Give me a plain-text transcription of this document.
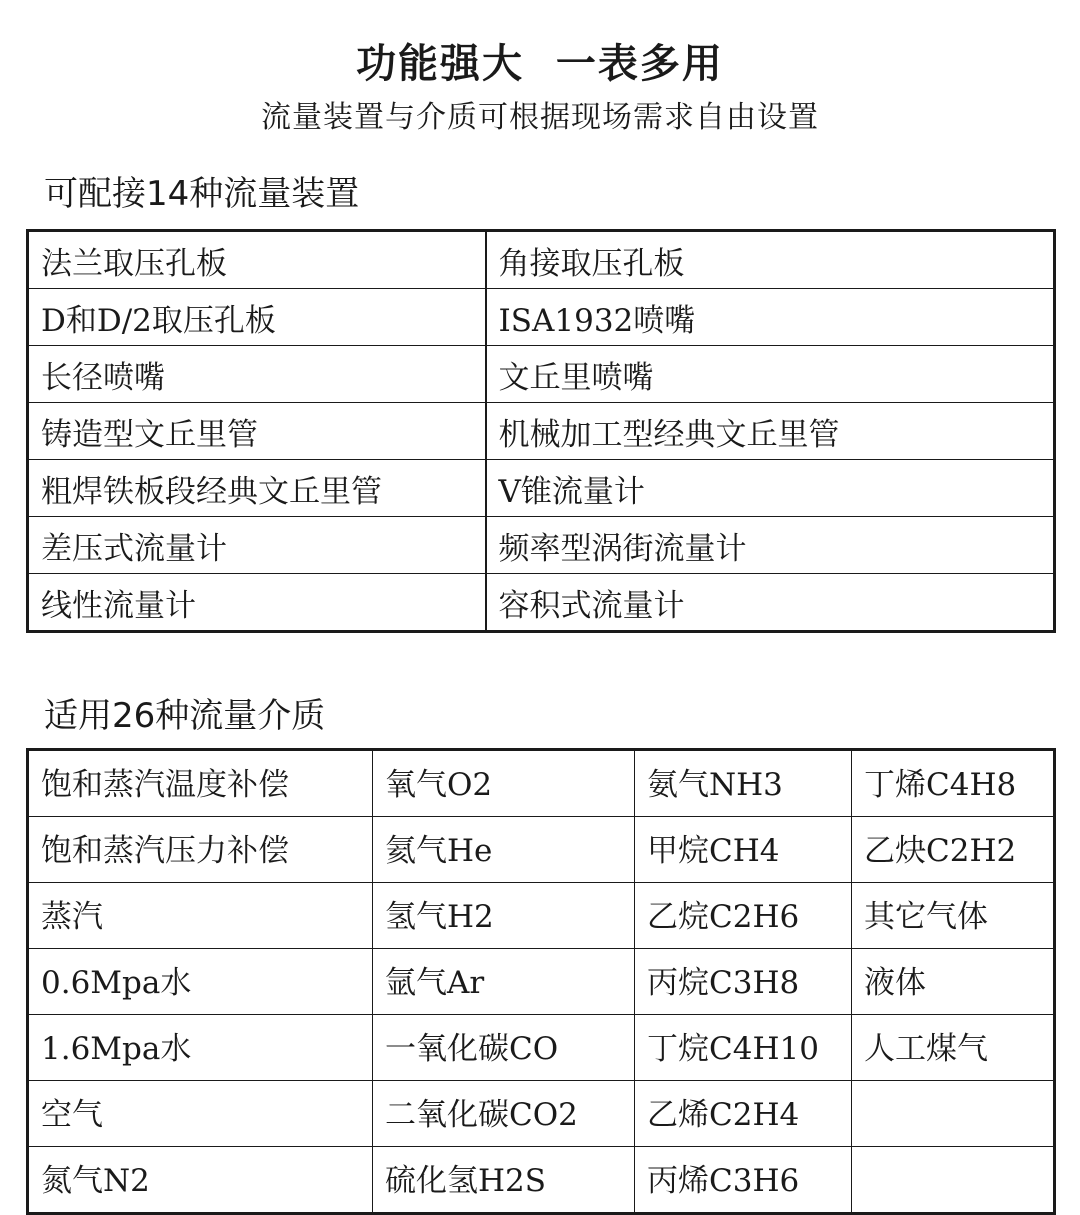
功能强大  一表多用

流量装置与介质可根据现场需求自由设置

可配接14种流量装置
法兰取压孔板	角接取压孔板
D和D/2取压孔板	ISA1932喷嘴
长径喷嘴	文丘里喷嘴
铸造型文丘里管	机械加工型经典文丘里管
粗焊铁板段经典文丘里管	V锥流量计
差压式流量计	频率型涡街流量计
线性流量计	容积式流量计
适用26种流量介质
饱和蒸汽温度补偿	氧气O2	氨气NH3	丁烯C4H8
饱和蒸汽压力补偿	氦气He	甲烷CH4	乙炔C2H2
蒸汽	氢气H2	乙烷C2H6	其它气体
0.6Mpa水	氩气Ar	丙烷C3H8	液体
1.6Mpa水	一氧化碳CO	丁烷C4H10	人工煤气
空气	二氧化碳CO2	乙烯C2H4	
氮气N2	硫化氢H2S	丙烯C3H6	
